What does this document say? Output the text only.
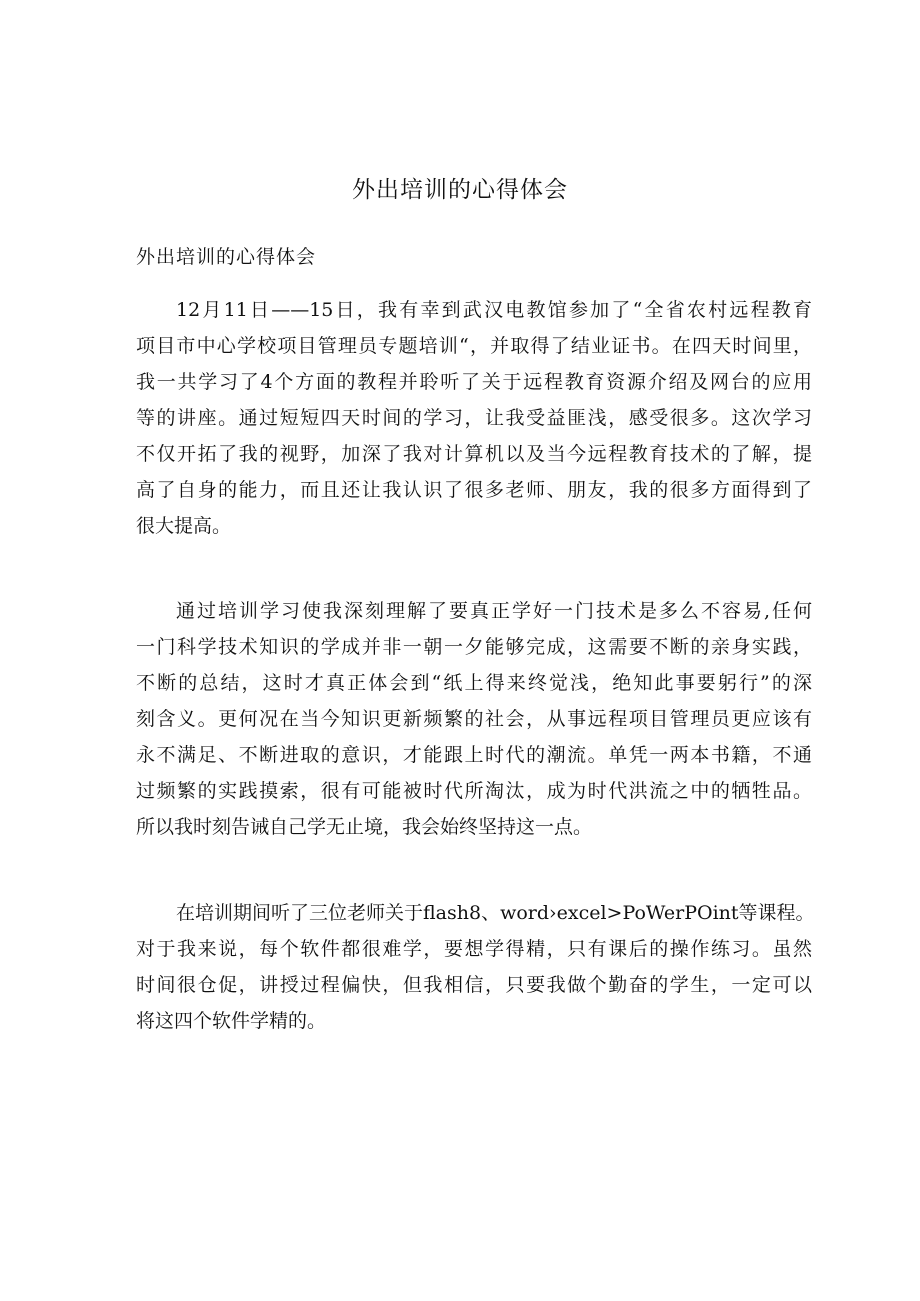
外出培训的心得体会
外出培训的心得体会
12月11日——15日，我有幸到武汉电教馆参加了“全省农村远程教育
项目市中心学校项目管理员专题培训“，并取得了结业证书。在四天时间里，
我一共学习了4个方面的教程并聆听了关于远程教育资源介绍及网台的应用
等的讲座。通过短短四天时间的学习，让我受益匪浅，感受很多。这次学习
不仅开拓了我的视野，加深了我对计算机以及当今远程教育技术的了解，提
高了自身的能力，而且还让我认识了很多老师、朋友，我的很多方面得到了
很大提高。
通过培训学习使我深刻理解了要真正学好一门技术是多么不容易,任何
一门科学技术知识的学成并非一朝一夕能够完成，这需要不断的亲身实践，
不断的总结，这时才真正体会到“纸上得来终觉浅，绝知此事要躬行”的深
刻含义。更何况在当今知识更新频繁的社会，从事远程项目管理员更应该有
永不满足、不断进取的意识，才能跟上时代的潮流。单凭一两本书籍，不通
过频繁的实践摸索，很有可能被时代所淘汰，成为时代洪流之中的牺牲品。
所以我时刻告诫自己学无止境，我会始终坚持这一点。
在培训期间听了三位老师关于flash8、word›excel>PoWerPOint等课程。
对于我来说，每个软件都很难学，要想学得精，只有课后的操作练习。虽然
时间很仓促，讲授过程偏快，但我相信，只要我做个勤奋的学生，一定可以
将这四个软件学精的。
